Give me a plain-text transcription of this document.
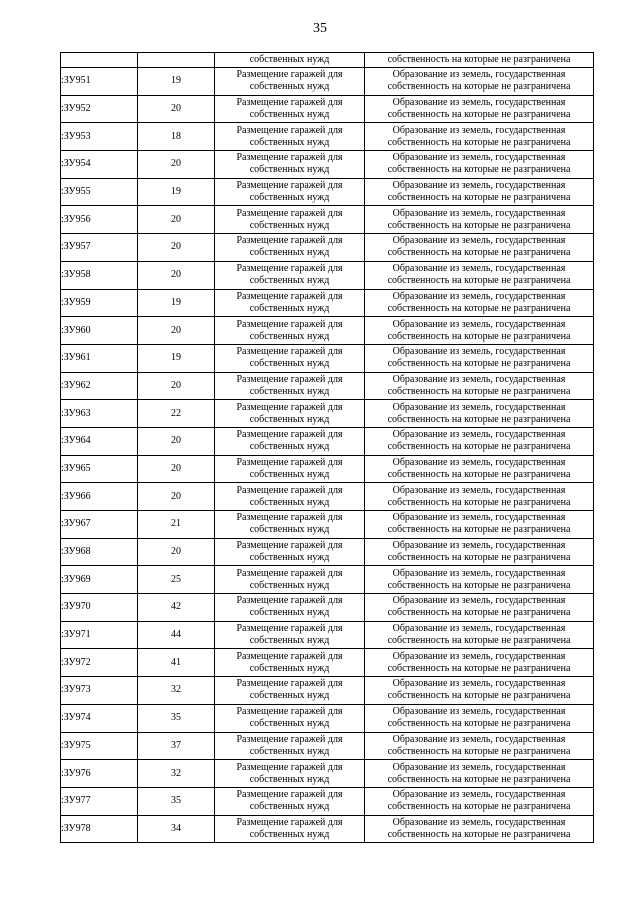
35
		собственных нужд	собственность на которые не разграничена
:ЗУ951	19	Размещение гаражей для собственных нужд	Образование из земель, государственная собственность на которые не разграничена
:ЗУ952	20	Размещение гаражей для собственных нужд	Образование из земель, государственная собственность на которые не разграничена
:ЗУ953	18	Размещение гаражей для собственных нужд	Образование из земель, государственная собственность на которые не разграничена
:ЗУ954	20	Размещение гаражей для собственных нужд	Образование из земель, государственная собственность на которые не разграничена
:ЗУ955	19	Размещение гаражей для собственных нужд	Образование из земель, государственная собственность на которые не разграничена
:ЗУ956	20	Размещение гаражей для собственных нужд	Образование из земель, государственная собственность на которые не разграничена
:ЗУ957	20	Размещение гаражей для собственных нужд	Образование из земель, государственная собственность на которые не разграничена
:ЗУ958	20	Размещение гаражей для собственных нужд	Образование из земель, государственная собственность на которые не разграничена
:ЗУ959	19	Размещение гаражей для собственных нужд	Образование из земель, государственная собственность на которые не разграничена
:ЗУ960	20	Размещение гаражей для собственных нужд	Образование из земель, государственная собственность на которые не разграничена
:ЗУ961	19	Размещение гаражей для собственных нужд	Образование из земель, государственная собственность на которые не разграничена
:ЗУ962	20	Размещение гаражей для собственных нужд	Образование из земель, государственная собственность на которые не разграничена
:ЗУ963	22	Размещение гаражей для собственных нужд	Образование из земель, государственная собственность на которые не разграничена
:ЗУ964	20	Размещение гаражей для собственных нужд	Образование из земель, государственная собственность на которые не разграничена
:ЗУ965	20	Размещение гаражей для собственных нужд	Образование из земель, государственная собственность на которые не разграничена
:ЗУ966	20	Размещение гаражей для собственных нужд	Образование из земель, государственная собственность на которые не разграничена
:ЗУ967	21	Размещение гаражей для собственных нужд	Образование из земель, государственная собственность на которые не разграничена
:ЗУ968	20	Размещение гаражей для собственных нужд	Образование из земель, государственная собственность на которые не разграничена
:ЗУ969	25	Размещение гаражей для собственных нужд	Образование из земель, государственная собственность на которые не разграничена
:ЗУ970	42	Размещение гаражей для собственных нужд	Образование из земель, государственная собственность на которые не разграничена
:ЗУ971	44	Размещение гаражей для собственных нужд	Образование из земель, государственная собственность на которые не разграничена
:ЗУ972	41	Размещение гаражей для собственных нужд	Образование из земель, государственная собственность на которые не разграничена
:ЗУ973	32	Размещение гаражей для собственных нужд	Образование из земель, государственная собственность на которые не разграничена
:ЗУ974	35	Размещение гаражей для собственных нужд	Образование из земель, государственная собственность на которые не разграничена
:ЗУ975	37	Размещение гаражей для собственных нужд	Образование из земель, государственная собственность на которые не разграничена
:ЗУ976	32	Размещение гаражей для собственных нужд	Образование из земель, государственная собственность на которые не разграничена
:ЗУ977	35	Размещение гаражей для собственных нужд	Образование из земель, государственная собственность на которые не разграничена
:ЗУ978	34	Размещение гаражей для собственных нужд	Образование из земель, государственная собственность на которые не разграничена
